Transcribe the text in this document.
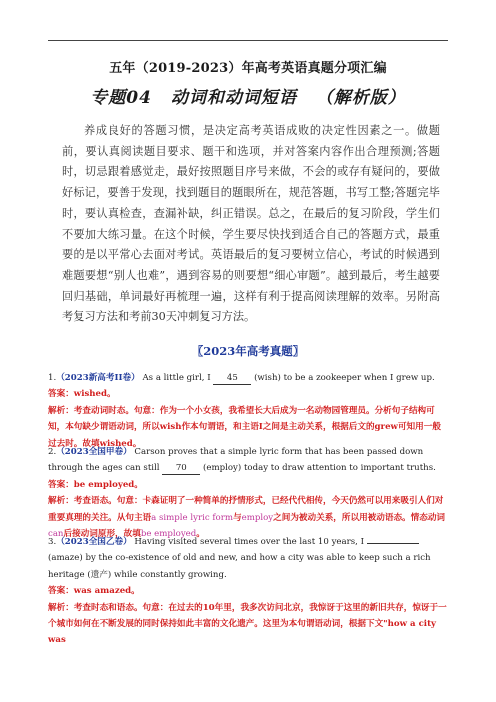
五年（2019-2023）年高考英语真题分项汇编
专题04 动词和动词短语 （解析版）
养成良好的答题习惯，是决定高考英语成败的决定性因素之一。做题前，要认真阅读题目要求、题干和选项，并对答案内容作出合理预测;答题时，切忌跟着感觉走，最好按照题目序号来做，不会的或存有疑问的，要做好标记，要善于发现，找到题目的题眼所在，规范答题，书写工整;答题完毕时，要认真检查，查漏补缺，纠正错误。总之，在最后的复习阶段，学生们不要加大练习量。在这个时候，学生要尽快找到适合自己的答题方式，最重要的是以平常心去面对考试。英语最后的复习要树立信心，考试的时候遇到难题要想“别人也难”，遇到容易的则要想“细心审题”。越到最后，考生越要回归基础，单词最好再梳理一遍，这样有利于提高阅读理解的效率。另附高考复习方法和考前30天冲刺复习方法。
〖2023年高考真题〗
1.（2023新高考II卷） As a little girl, I 45 (wish) to be a zookeeper when I grew up.
答案：wished。
解析：考查动词时态。句意：作为一个小女孩，我希望长大后成为一名动物园管理员。分析句子结构可知，本句缺少谓语动词，所以wish作本句谓语，和主语I之间是主动关系，根据后文的grew可知用一般过去时。故填wished。
2.（2023全国甲卷） Carson proves that a simple lyric form that has been passed down through the ages can still 70 (employ) today to draw attention to important truths.
答案：be employed。
解析：考查语态。句意：卡森证明了一种简单的抒情形式，已经代代相传，今天仍然可以用来吸引人们对重要真理的关注。从句主语a simple lyric form与employ之间为被动关系，所以用被动语态。情态动词can后接动词原形，故填be employed。
3.（2023全国乙卷） Having visited several times over the last 10 years, I  (amaze) by the co-existence of old and new, and how a city was able to keep such a rich heritage (遗产) while constantly growing.
答案：was amazed。
解析：考查时态和语态。句意：在过去的10年里，我多次访问北京，我惊讶于这里的新旧共存，惊讶于一个城市如何在不断发展的同时保持如此丰富的文化遗产。这里为本句谓语动词，根据下文"how a city was
